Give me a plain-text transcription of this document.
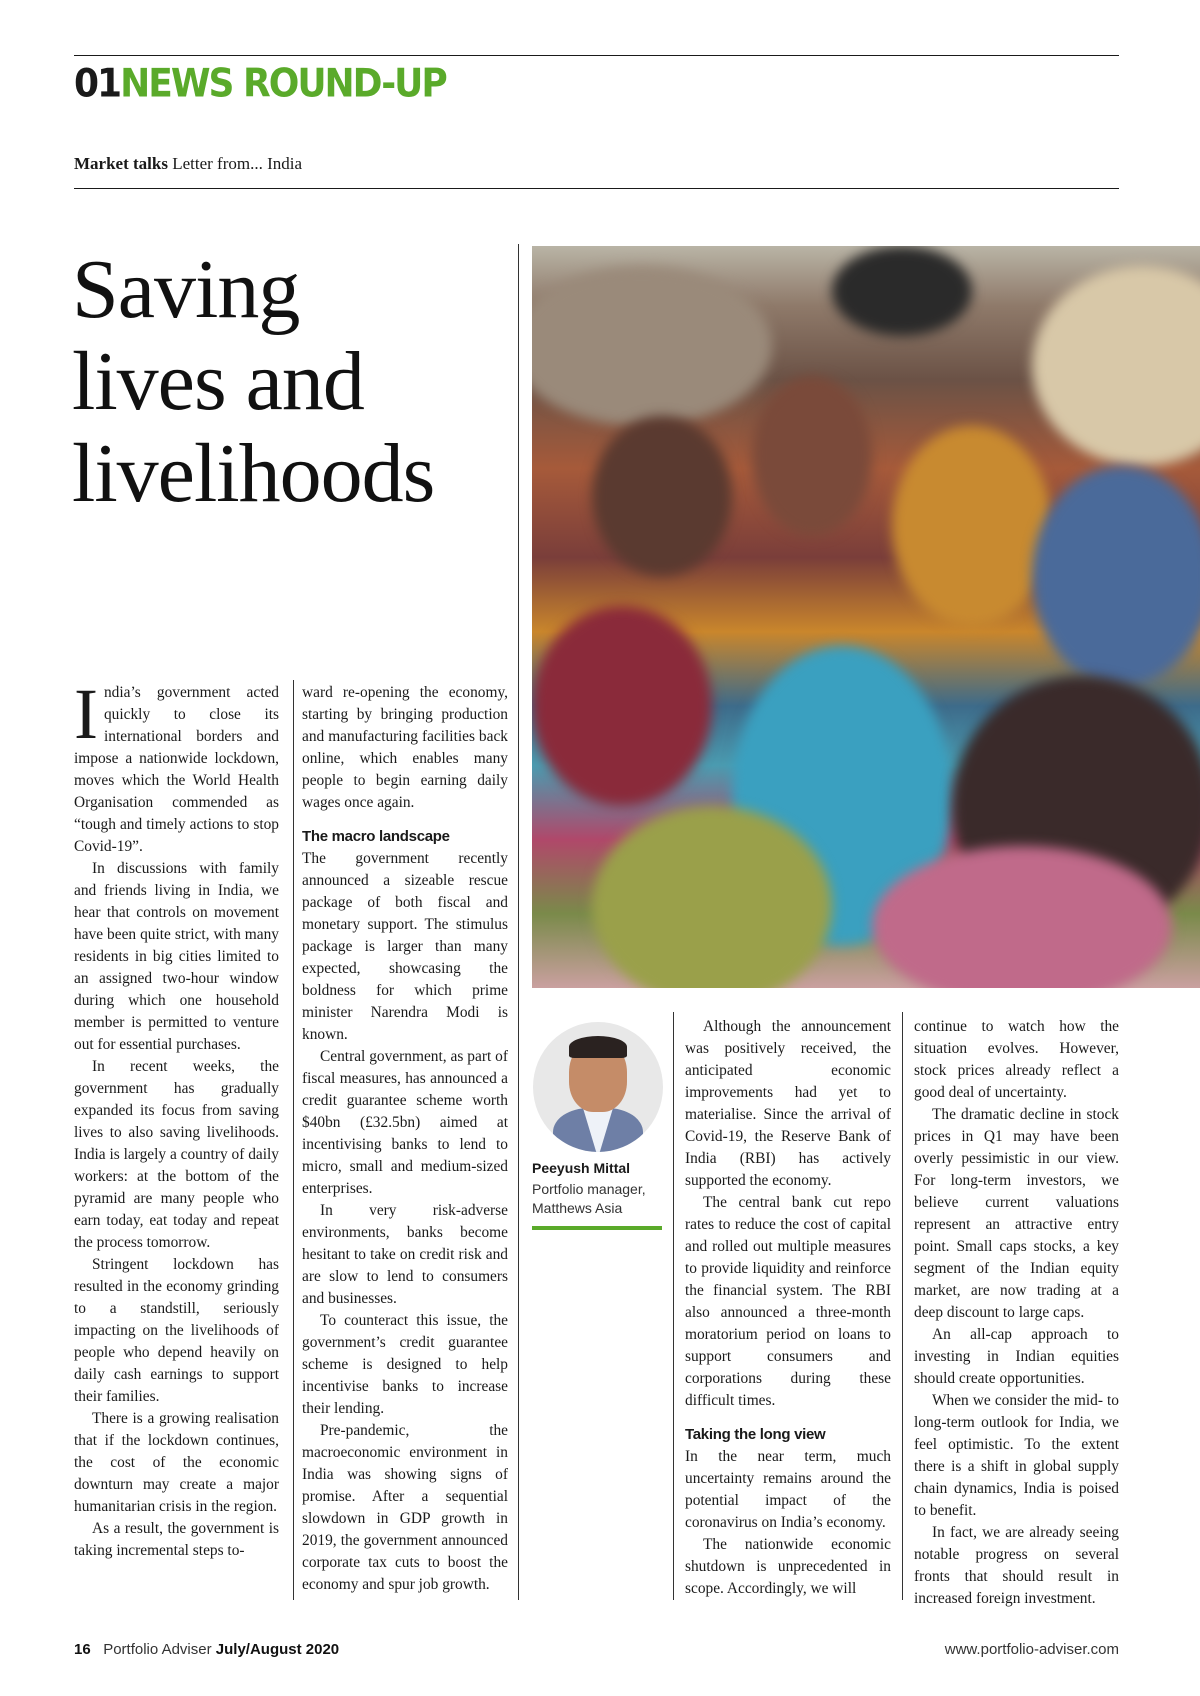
01NEWS ROUND-UP
Market talks Letter from... India
Saving
lives and
livelihoods

India’s government acted quickly to close its international borders and impose a nationwide lockdown, moves which the World Health Organisation commended as “tough and timely actions to stop Covid-19”.

In discussions with family and friends living in India, we hear that controls on movement have been quite strict, with many residents in big cities limited to an assigned two-hour window during which one household member is permitted to venture out for essential purchases.

In recent weeks, the government has gradually expanded its focus from saving lives to also saving livelihoods. India is largely a country of daily workers: at the bottom of the pyramid are many people who earn today, eat today and repeat the process tomorrow.

Stringent lockdown has resulted in the economy grinding to a standstill, seriously impacting on the livelihoods of people who depend heavily on daily cash earnings to support their families.

There is a growing realisation that if the lockdown continues, the cost of the economic downturn may create a major humanitarian crisis in the region.

As a result, the government is taking incremental steps to-

ward re-opening the economy, starting by bringing production and manufacturing facilities back online, which enables many people to begin earning daily wages once again.

The macro landscape

The government recently announced a sizeable rescue package of both fiscal and monetary support. The stimulus package is larger than many expected, showcasing the boldness for which prime minister Narendra Modi is known.

Central government, as part of fiscal measures, has announced a credit guarantee scheme worth $40bn (£32.5bn) aimed at incentivising banks to lend to micro, small and medium-sized enterprises.

In very risk-adverse environments, banks become hesitant to take on credit risk and are slow to lend to consumers and businesses.

To counteract this issue, the government’s credit guarantee scheme is designed to help incentivise banks to increase their lending.

Pre-pandemic, the macroeconomic environment in India was showing signs of promise. After a sequential slowdown in GDP growth in 2019, the government announced corporate tax cuts to boost the economy and spur job growth.

Peeyush Mittal
Portfolio manager, Matthews Asia

Although the announcement was positively received, the anticipated economic improvements had yet to materialise. Since the arrival of Covid-19, the Reserve Bank of India (RBI) has actively supported the economy.

The central bank cut repo rates to reduce the cost of capital and rolled out multiple measures to provide liquidity and reinforce the financial system. The RBI also announced a three-month moratorium period on loans to support consumers and corporations during these difficult times.

Taking the long view

In the near term, much uncertainty remains around the potential impact of the coronavirus on India’s economy.

The nationwide economic shutdown is unprecedented in scope. Accordingly, we will

continue to watch how the situation evolves. However, stock prices already reflect a good deal of uncertainty.

The dramatic decline in stock prices in Q1 may have been overly pessimistic in our view. For long-term investors, we believe current valuations represent an attractive entry point. Small caps stocks, a key segment of the Indian equity market, are now trading at a deep discount to large caps.

An all-cap approach to investing in Indian equities should create opportunities.

When we consider the mid- to long-term outlook for India, we feel optimistic. To the extent there is a shift in global supply chain dynamics, India is poised to benefit.

In fact, we are already seeing notable progress on several fronts that should result in increased foreign investment.

16 Portfolio Adviser July/August 2020	www.portfolio-adviser.com
